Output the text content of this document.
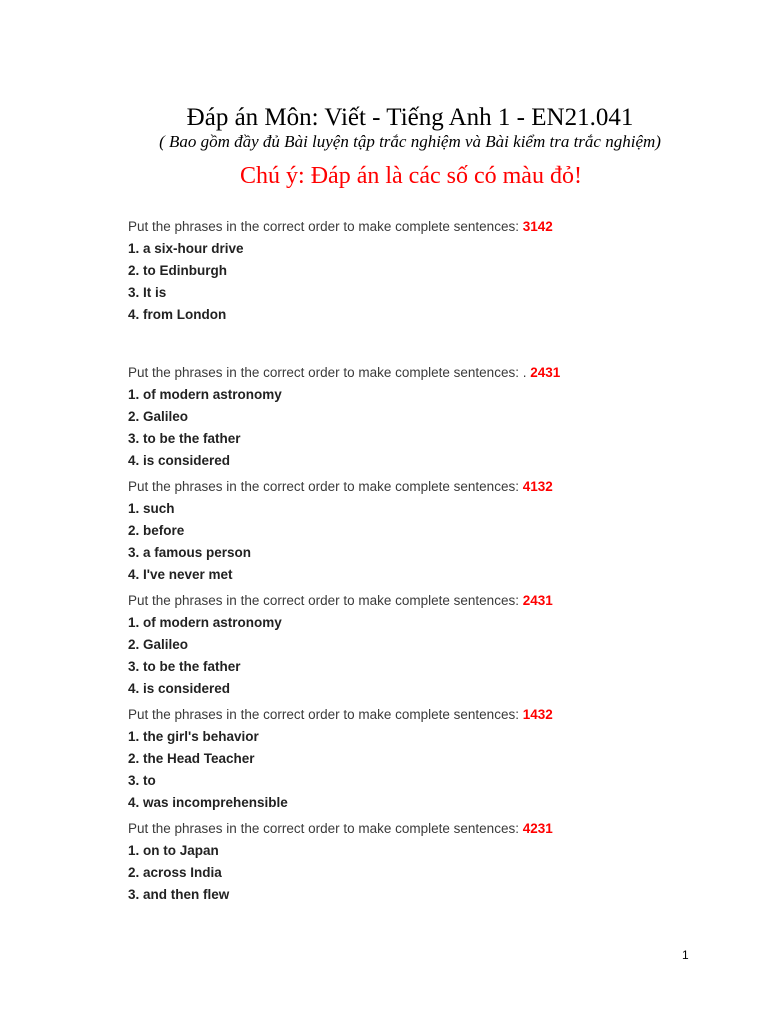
Đáp án Môn: Viết - Tiếng Anh 1 - EN21.041
( Bao gồm đầy đủ Bài luyện tập trắc nghiệm và Bài kiểm tra trắc nghiệm)
Chú ý: Đáp án là các số có màu đỏ!
Put the phrases in the correct order to make complete sentences: 3142
1. a six-hour drive
2. to Edinburgh
3. It is
4. from London
Put the phrases in the correct order to make complete sentences: . 2431
1. of modern astronomy
2. Galileo
3. to be the father
4. is considered
Put the phrases in the correct order to make complete sentences: 4132
1. such
2. before
3. a famous person
4. I've never met
Put the phrases in the correct order to make complete sentences: 2431
1. of modern astronomy
2. Galileo
3. to be the father
4. is considered
Put the phrases in the correct order to make complete sentences: 1432
1. the girl's behavior
2. the Head Teacher
3. to
4. was incomprehensible
Put the phrases in the correct order to make complete sentences: 4231
1. on to Japan
2. across India
3. and then flew
1
